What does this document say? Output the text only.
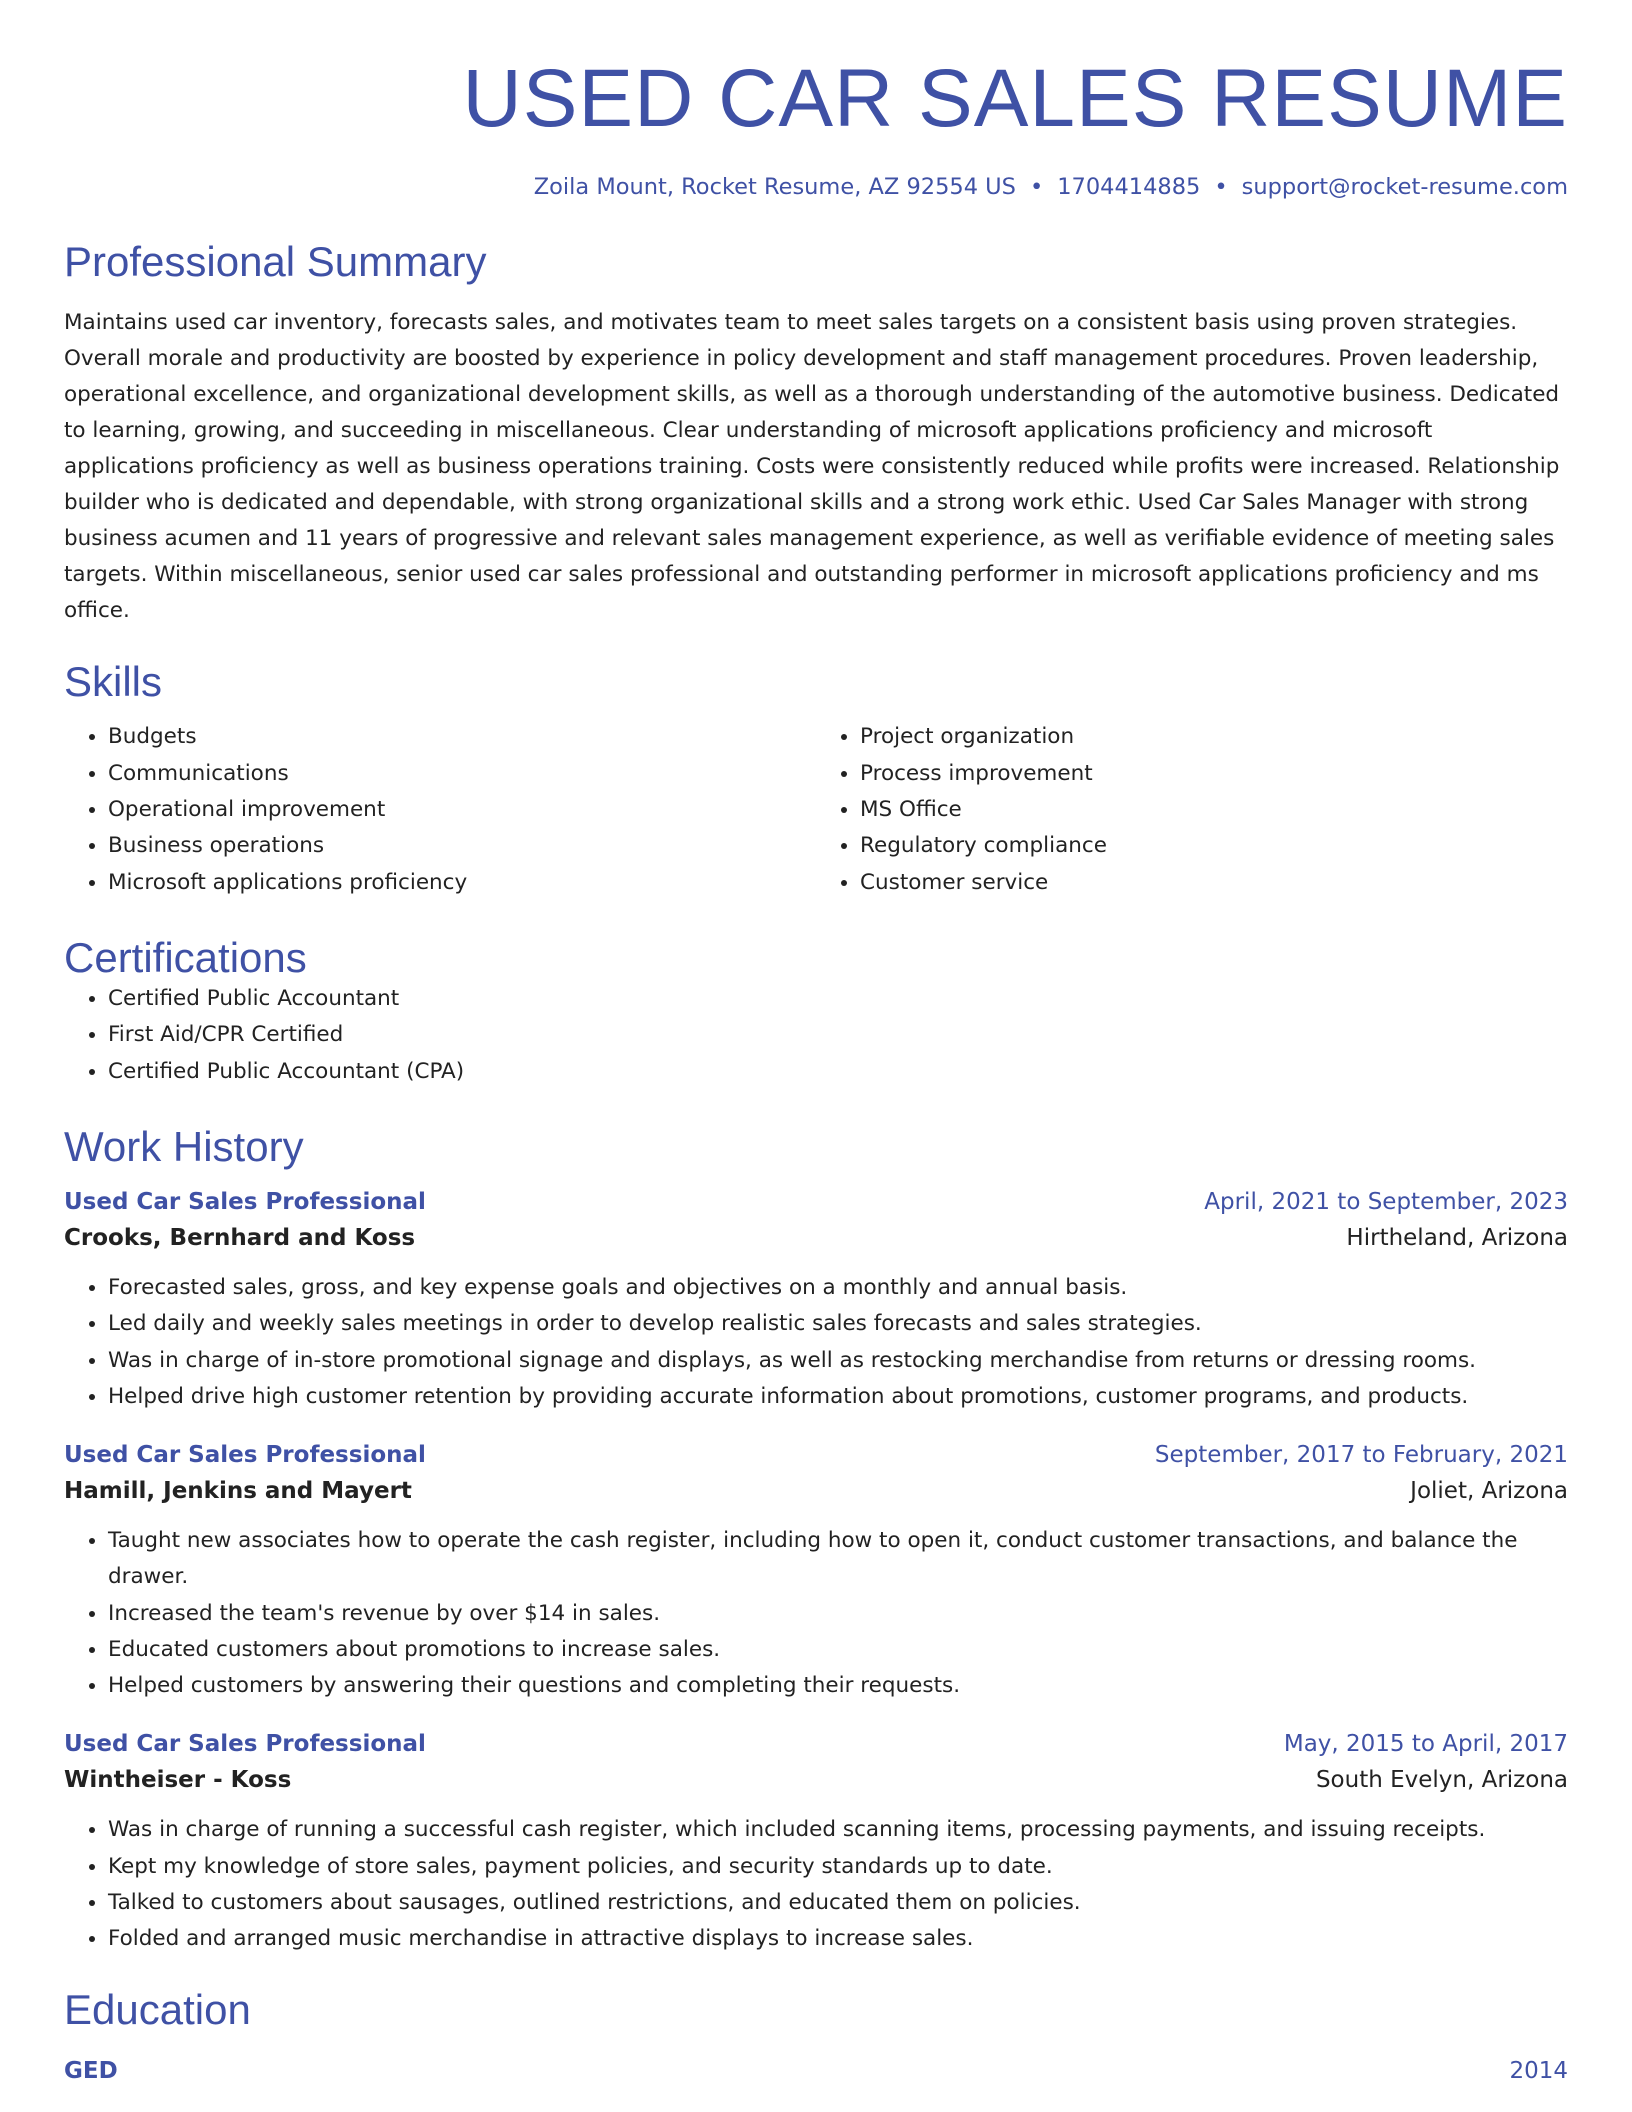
USED CAR SALES RESUME
Zoila Mount, Rocket Resume, AZ 92554 US • 1704414885 • support@rocket-resume.com
Professional Summary
Maintains used car inventory, forecasts sales, and motivates team to meet sales targets on a consistent basis using proven strategies. Overall morale and productivity are boosted by experience in policy development and staff management procedures. Proven leadership, operational excellence, and organizational development skills, as well as a thorough understanding of the automotive business. Dedicated to learning, growing, and succeeding in miscellaneous. Clear understanding of microsoft applications proficiency and microsoft applications proficiency as well as business operations training. Costs were consistently reduced while profits were increased. Relationship builder who is dedicated and dependable, with strong organizational skills and a strong work ethic. Used Car Sales Manager with strong business acumen and 11 years of progressive and relevant sales management experience, as well as verifiable evidence of meeting sales targets. Within miscellaneous, senior used car sales professional and outstanding performer in microsoft applications proficiency and ms office.
Skills
• Budgets
• Communications
• Operational improvement
• Business operations
• Microsoft applications proficiency
• Project organization
• Process improvement
• MS Office
• Regulatory compliance
• Customer service
Certifications
• Certified Public Accountant
• First Aid/CPR Certified
• Certified Public Accountant (CPA)
Work History
Used Car Sales Professional	April, 2021 to September, 2023
Crooks, Bernhard and Koss	Hirtheland, Arizona
• Forecasted sales, gross, and key expense goals and objectives on a monthly and annual basis.
• Led daily and weekly sales meetings in order to develop realistic sales forecasts and sales strategies.
• Was in charge of in-store promotional signage and displays, as well as restocking merchandise from returns or dressing rooms.
• Helped drive high customer retention by providing accurate information about promotions, customer programs, and products.
Used Car Sales Professional	September, 2017 to February, 2021
Hamill, Jenkins and Mayert	Joliet, Arizona
• Taught new associates how to operate the cash register, including how to open it, conduct customer transactions, and balance the drawer.
• Increased the team's revenue by over $14 in sales.
• Educated customers about promotions to increase sales.
• Helped customers by answering their questions and completing their requests.
Used Car Sales Professional	May, 2015 to April, 2017
Wintheiser - Koss	South Evelyn, Arizona
• Was in charge of running a successful cash register, which included scanning items, processing payments, and issuing receipts.
• Kept my knowledge of store sales, payment policies, and security standards up to date.
• Talked to customers about sausages, outlined restrictions, and educated them on policies.
• Folded and arranged music merchandise in attractive displays to increase sales.
Education
GED	2014
